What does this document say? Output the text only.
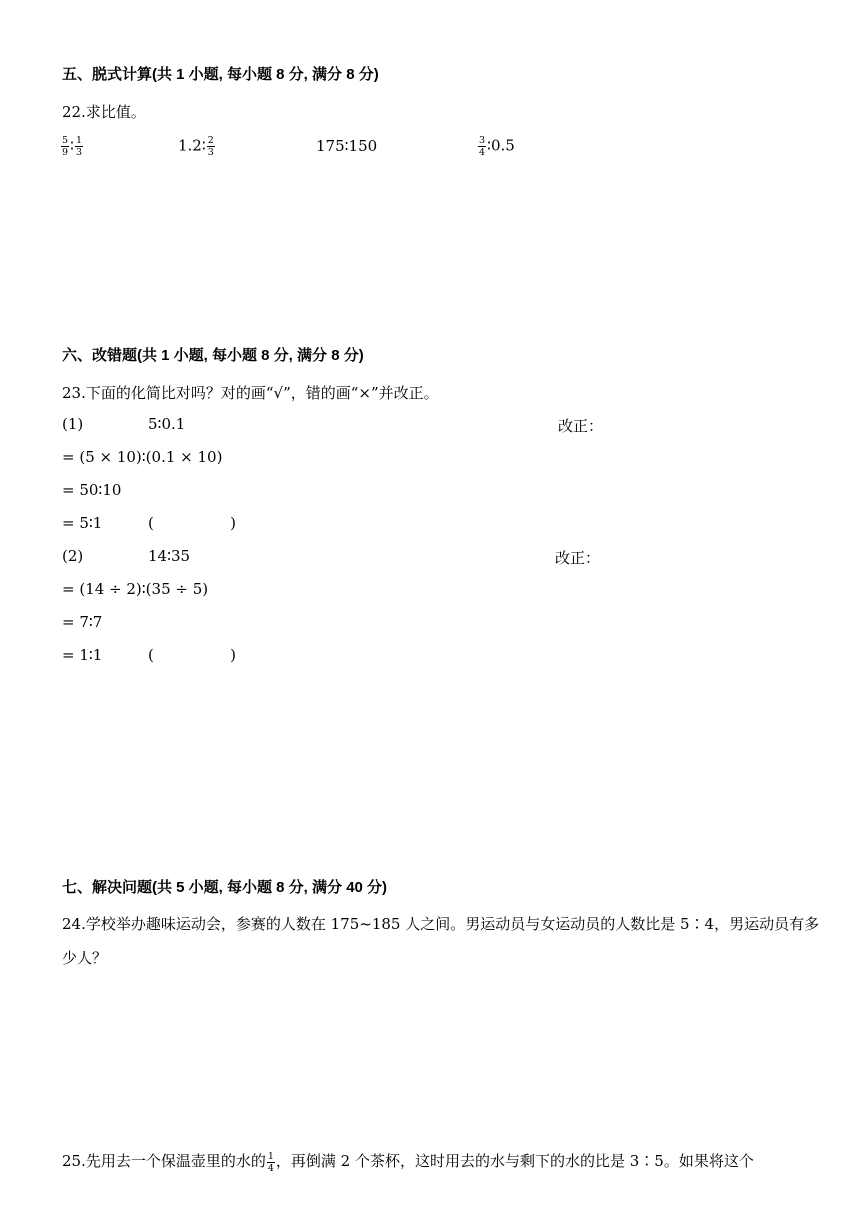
五、脱式计算(共 1 小题, 每小题 8 分, 满分 8 分)
22.求比值。
$\frac{5}{9}$ ∶ $\frac{1}{3}$	1.2∶ $\frac{2}{3}$	175∶150	$\frac{3}{4}$ ∶0.5
六、改错题(共 1 小题, 每小题 8 分, 满分 8 分)
23.下面的化简比对吗？对的画“√”，错的画“×”并改正。
(1)	5∶0.1	改正：
= (5 × 10)∶(0.1 × 10)
= 50∶10
= 5∶1	(                )
(2)	14∶35	改正：
= (14 ÷ 2)∶(35 ÷ 5)
= 7∶7
= 1∶1	(                )
七、解决问题(共 5 小题, 每小题 8 分, 满分 40 分)
24.学校举办趣味运动会，参赛的人数在 175~185 人之间。男运动员与女运动员的人数比是 5∶4，男运动员有多少人？
25.先用去一个保温壶里的水的 $\frac{1}{4}$ ，再倒满 2 个茶杯，这时用去的水与剩下的水的比是 3∶5。如果将这个
